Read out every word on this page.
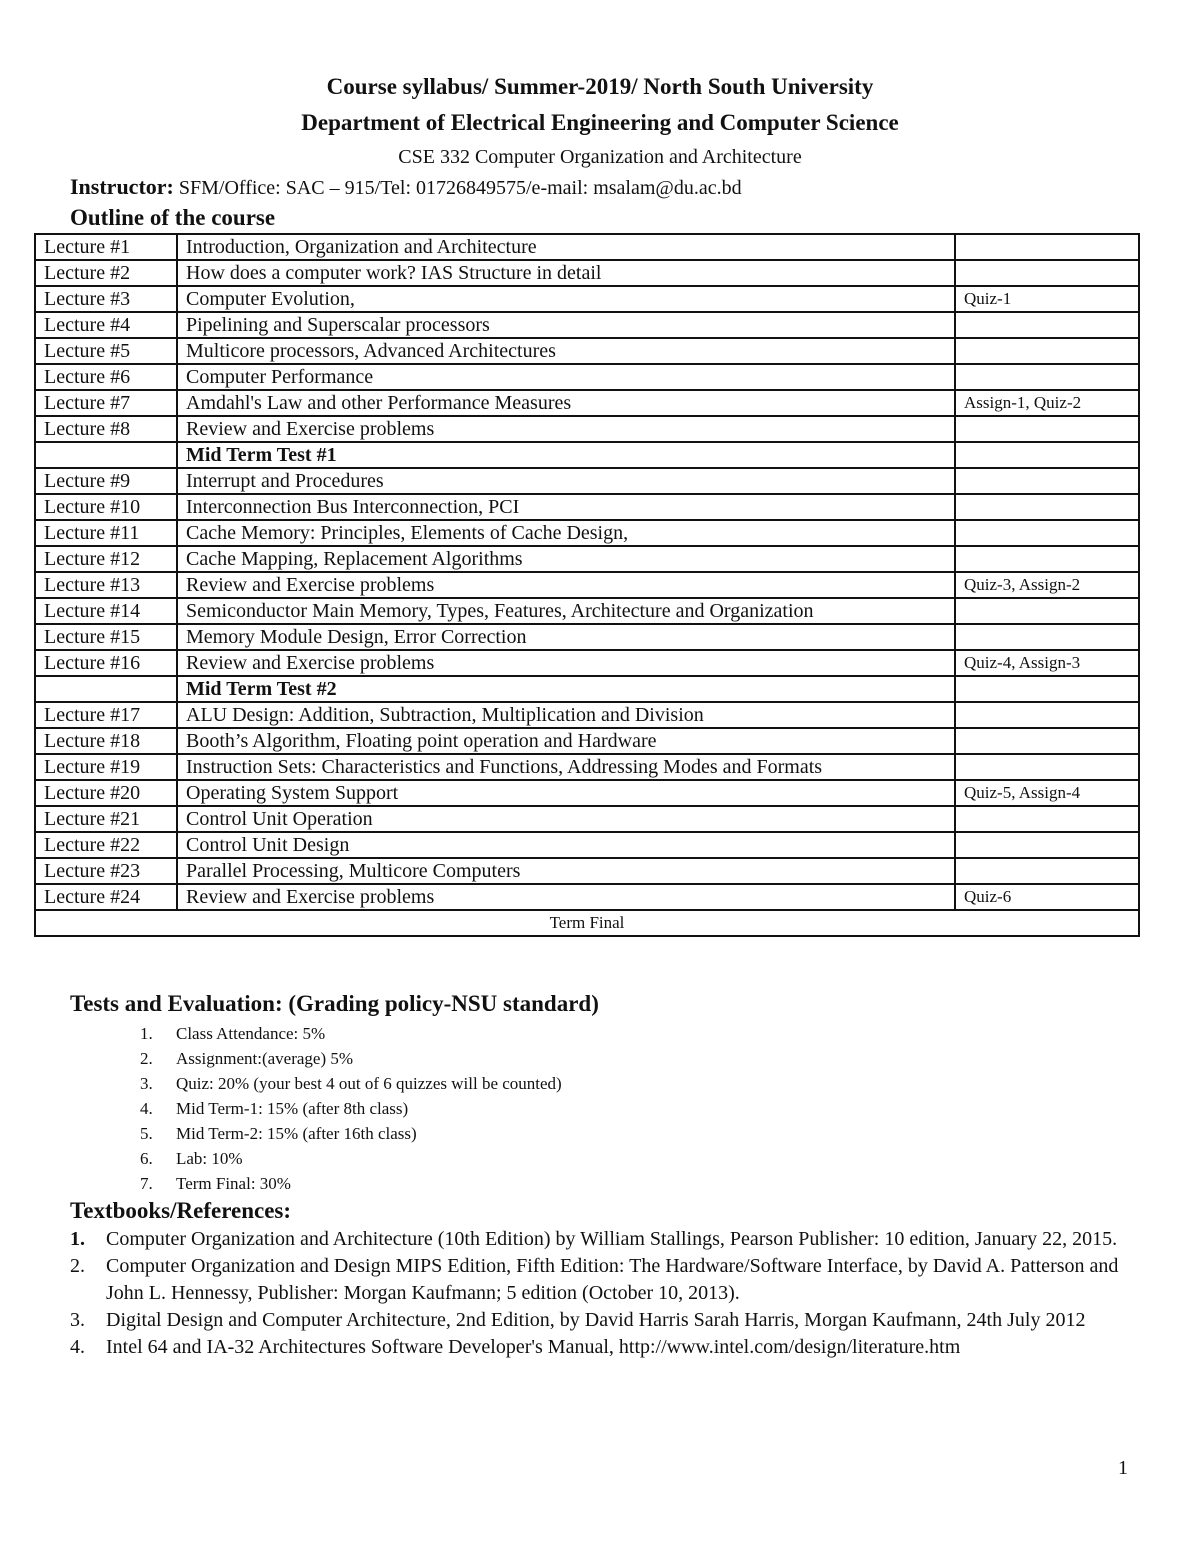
Course syllabus/ Summer-2019/ North South University
Department of Electrical Engineering and Computer Science
CSE 332 Computer Organization and Architecture
Instructor: SFM/Office: SAC – 915/Tel: 01726849575/e-mail: msalam@du.ac.bd
Outline of the course
Lecture #1	Introduction, Organization and Architecture	
Lecture #2	How does a computer work? IAS Structure in detail	
Lecture #3	Computer Evolution,	Quiz-1
Lecture #4	Pipelining and Superscalar processors	
Lecture #5	Multicore processors, Advanced Architectures	
Lecture #6	Computer Performance	
Lecture #7	Amdahl's Law and other Performance Measures	Assign-1, Quiz-2
Lecture #8	Review and Exercise problems	
	Mid Term Test #1	
Lecture #9	Interrupt and Procedures	
Lecture #10	Interconnection Bus Interconnection, PCI	
Lecture #11	Cache Memory: Principles, Elements of Cache Design,	
Lecture #12	Cache Mapping, Replacement Algorithms	
Lecture #13	Review and Exercise problems	Quiz-3, Assign-2
Lecture #14	Semiconductor Main Memory, Types, Features, Architecture and Organization	
Lecture #15	Memory Module Design, Error Correction	
Lecture #16	Review and Exercise problems	Quiz-4, Assign-3
	Mid Term Test #2	
Lecture #17	ALU Design: Addition, Subtraction, Multiplication and Division	
Lecture #18	Booth’s Algorithm, Floating point operation and Hardware	
Lecture #19	Instruction Sets: Characteristics and Functions, Addressing Modes and Formats	
Lecture #20	Operating System Support	Quiz-5, Assign-4
Lecture #21	Control Unit Operation	
Lecture #22	Control Unit Design	
Lecture #23	Parallel Processing, Multicore Computers	
Lecture #24	Review and Exercise problems	Quiz-6
Term Final		
Tests and Evaluation: (Grading policy-NSU standard)
1. Class Attendance: 5%
2. Assignment:(average) 5%
3. Quiz: 20% (your best 4 out of 6 quizzes will be counted)
4. Mid Term-1: 15% (after 8th class)
5. Mid Term-2: 15% (after 16th class)
6. Lab: 10%
7. Term Final: 30%
Textbooks/References:
1. Computer Organization and Architecture (10th Edition) by William Stallings, Pearson Publisher: 10 edition, January 22, 2015.
2. Computer Organization and Design MIPS Edition, Fifth Edition: The Hardware/Software Interface, by David A. Patterson and John L. Hennessy, Publisher: Morgan Kaufmann; 5 edition (October 10, 2013).
3. Digital Design and Computer Architecture, 2nd Edition, by David Harris Sarah Harris, Morgan Kaufmann, 24th July 2012
4. Intel 64 and IA-32 Architectures Software Developer's Manual, http://www.intel.com/design/literature.htm
1
